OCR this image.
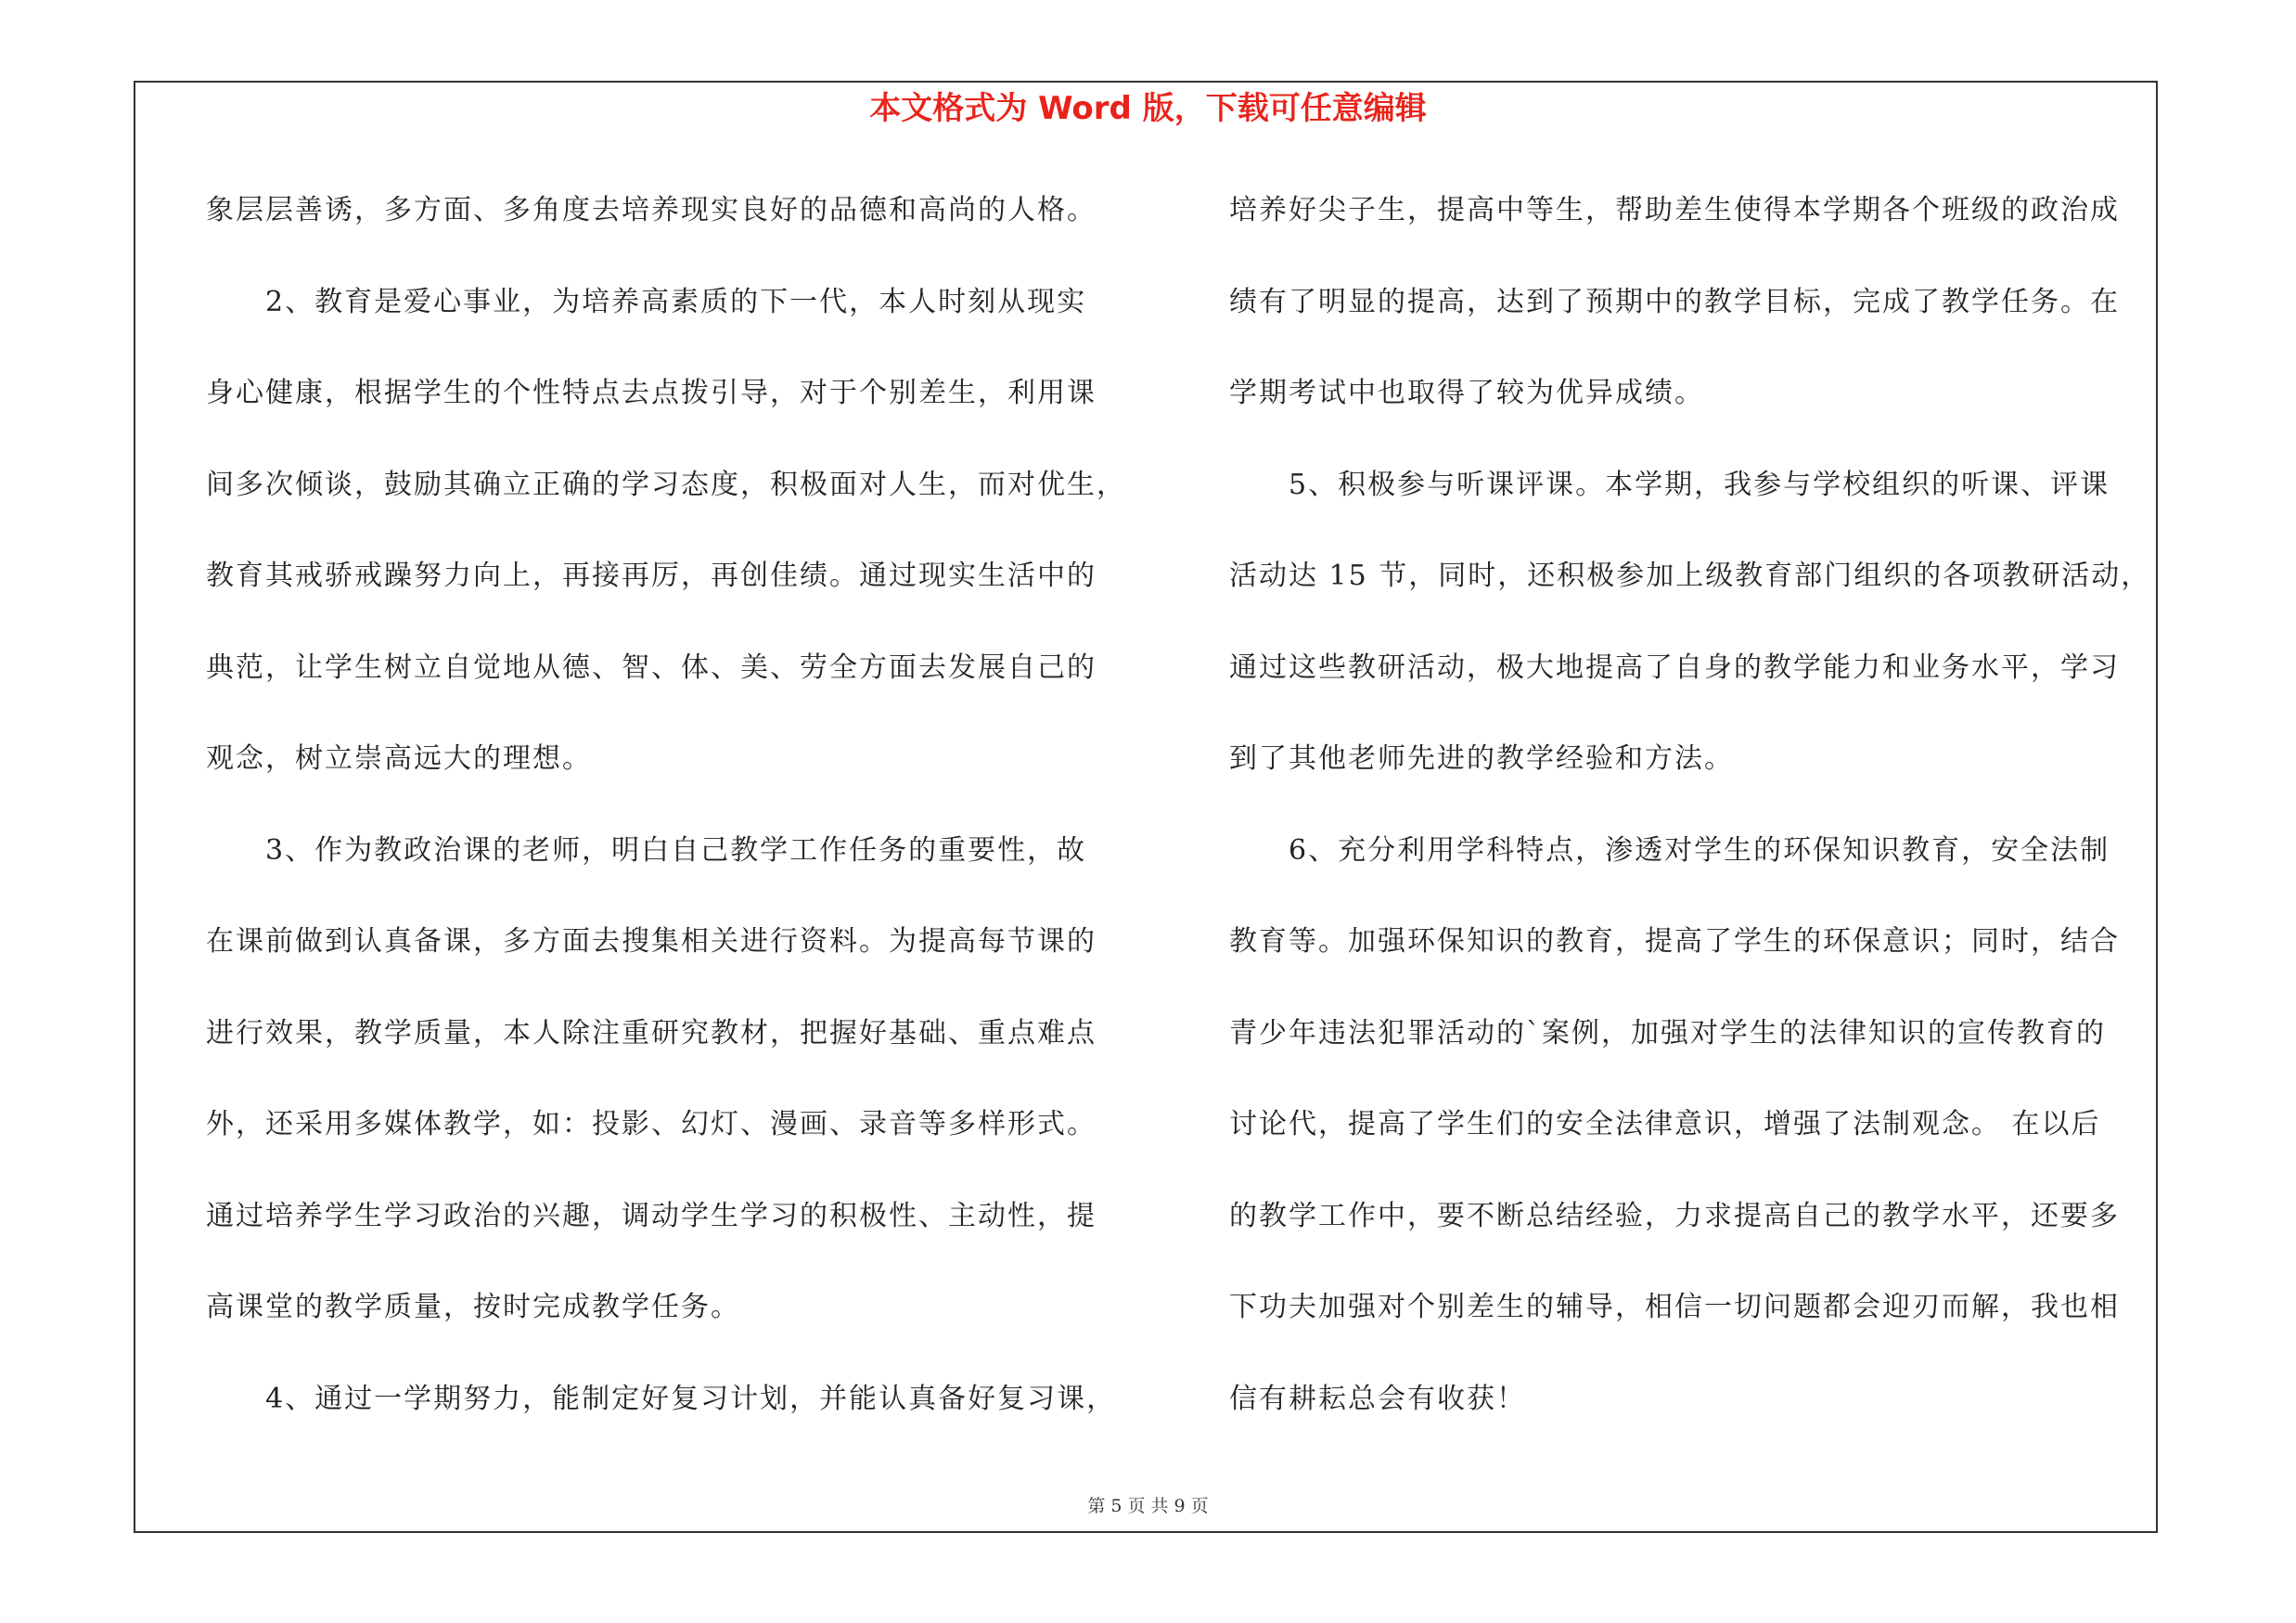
本文格式为 Word 版，下载可任意编辑
象层层善诱，多方面、多角度去培养现实良好的品德和高尚的人格。
　　2、教育是爱心事业，为培养高素质的下一代，本人时刻从现实
身心健康，根据学生的个性特点去点拨引导，对于个别差生，利用课
间多次倾谈，鼓励其确立正确的学习态度，积极面对人生，而对优生，
教育其戒骄戒躁努力向上，再接再厉，再创佳绩。通过现实生活中的
典范，让学生树立自觉地从德、智、体、美、劳全方面去发展自己的
观念，树立崇高远大的理想。
　　3、作为教政治课的老师，明白自己教学工作任务的重要性，故
在课前做到认真备课，多方面去搜集相关进行资料。为提高每节课的
进行效果，教学质量，本人除注重研究教材，把握好基础、重点难点
外，还采用多媒体教学，如：投影、幻灯、漫画、录音等多样形式。
通过培养学生学习政治的兴趣，调动学生学习的积极性、主动性，提
高课堂的教学质量，按时完成教学任务。
　　4、通过一学期努力，能制定好复习计划，并能认真备好复习课，
培养好尖子生，提高中等生，帮助差生使得本学期各个班级的政治成
绩有了明显的提高，达到了预期中的教学目标，完成了教学任务。在
学期考试中也取得了较为优异成绩。
　　5、积极参与听课评课。本学期，我参与学校组织的听课、评课
活动达 15 节，同时，还积极参加上级教育部门组织的各项教研活动，
通过这些教研活动，极大地提高了自身的教学能力和业务水平，学习
到了其他老师先进的教学经验和方法。
　　6、充分利用学科特点，渗透对学生的环保知识教育，安全法制
教育等。加强环保知识的教育，提高了学生的环保意识；同时，结合
青少年违法犯罪活动的`案例，加强对学生的法律知识的宣传教育的
讨论代，提高了学生们的安全法律意识，增强了法制观念。 在以后
的教学工作中，要不断总结经验，力求提高自己的教学水平，还要多
下功夫加强对个别差生的辅导，相信一切问题都会迎刃而解，我也相
信有耕耘总会有收获！
第 5 页 共 9 页
